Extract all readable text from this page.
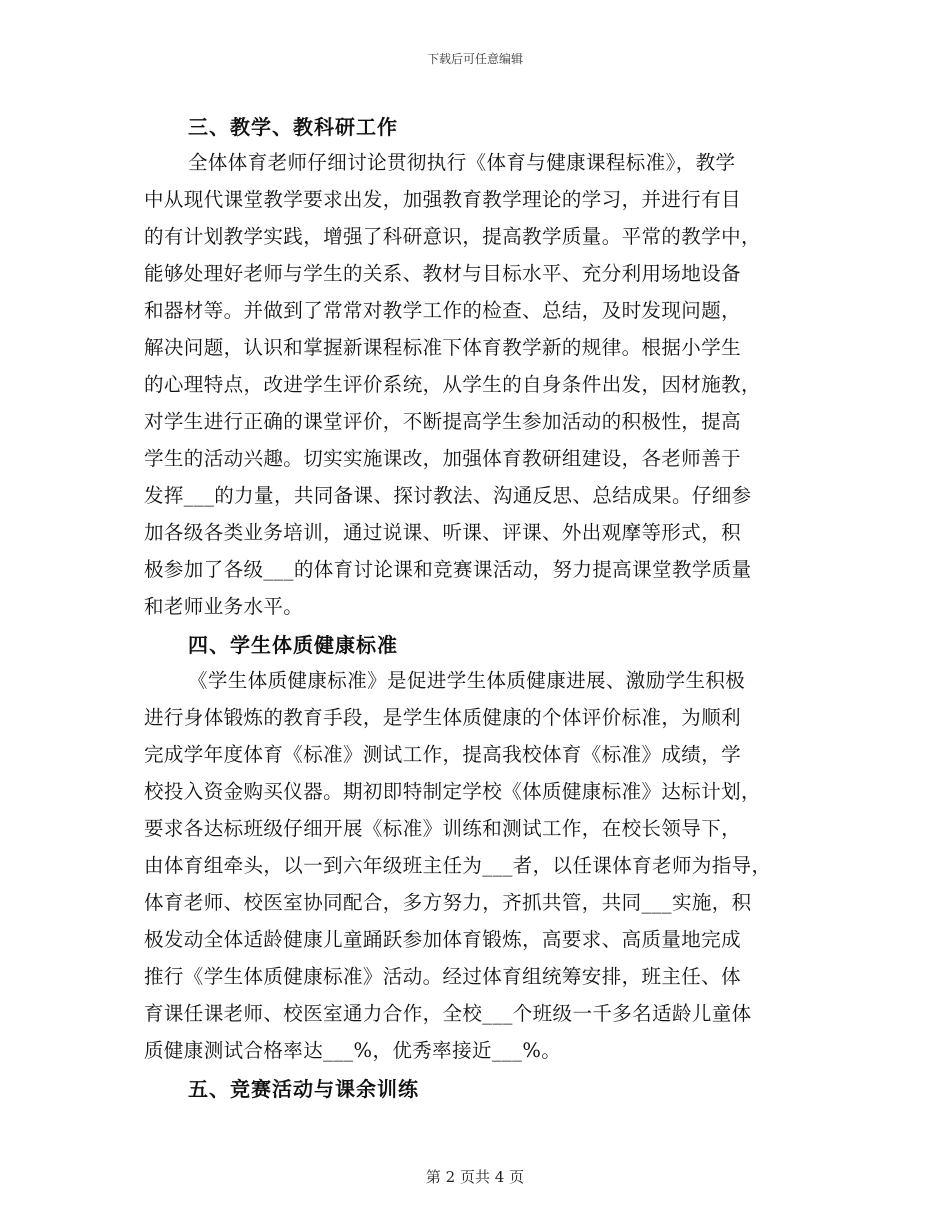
下载后可任意编辑
三、教学、教科研工作
全体体育老师仔细讨论贯彻执行《体育与健康课程标准》，教学
中从现代课堂教学要求出发，加强教育教学理论的学习，并进行有目
的有计划教学实践，增强了科研意识，提高教学质量。平常的教学中，
能够处理好老师与学生的关系、教材与目标水平、充分利用场地设备
和器材等。并做到了常常对教学工作的检查、总结，及时发现问题，
解决问题，认识和掌握新课程标准下体育教学新的规律。根据小学生
的心理特点，改进学生评价系统，从学生的自身条件出发，因材施教，
对学生进行正确的课堂评价，不断提高学生参加活动的积极性，提高
学生的活动兴趣。切实实施课改，加强体育教研组建设，各老师善于
发挥___的力量，共同备课、探讨教法、沟通反思、总结成果。仔细参
加各级各类业务培训，通过说课、听课、评课、外出观摩等形式，积
极参加了各级___的体育讨论课和竞赛课活动，努力提高课堂教学质量
和老师业务水平。
四、学生体质健康标准
《学生体质健康标准》是促进学生体质健康进展、激励学生积极
进行身体锻炼的教育手段，是学生体质健康的个体评价标准，为顺利
完成学年度体育《标准》测试工作，提高我校体育《标准》成绩，学
校投入资金购买仪器。期初即特制定学校《体质健康标准》达标计划，
要求各达标班级仔细开展《标准》训练和测试工作，在校长领导下，
由体育组牵头，以一到六年级班主任为___者，以任课体育老师为指导，
体育老师、校医室协同配合，多方努力，齐抓共管，共同___实施，积
极发动全体适龄健康儿童踊跃参加体育锻炼，高要求、高质量地完成
推行《学生体质健康标准》活动。经过体育组统筹安排，班主任、体
育课任课老师、校医室通力合作，全校___个班级一千多名适龄儿童体
质健康测试合格率达___%，优秀率接近___%。
五、竞赛活动与课余训练
第 2 页共 4 页
